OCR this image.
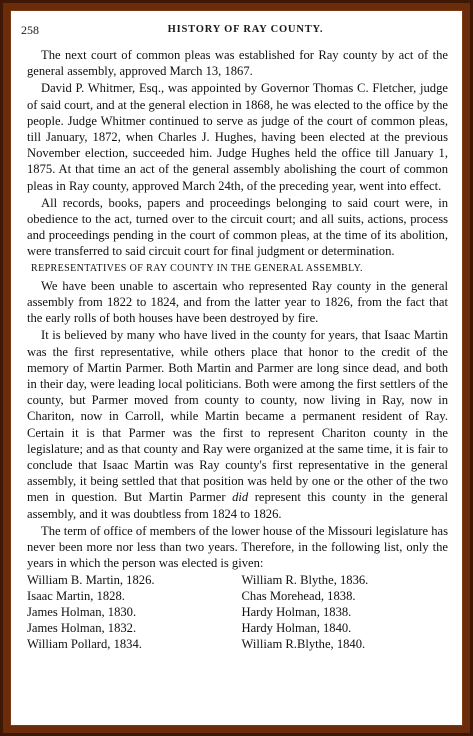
258	HISTORY OF RAY COUNTY.

The next court of common pleas was established for Ray county by act of the general assembly, approved March 13, 1867.

David P. Whitmer, Esq., was appointed by Governor Thomas C. Fletcher, judge of said court, and at the general election in 1868, he was elected to the office by the people. Judge Whitmer continued to serve as judge of the court of common pleas, till January, 1872, when Charles J. Hughes, having been elected at the previous November election, succeeded him. Judge Hughes held the office till January 1, 1875. At that time an act of the general assembly abolishing the court of common pleas in Ray county, approved March 24th, of the preceding year, went into effect.

All records, books, papers and proceedings belonging to said court were, in obedience to the act, turned over to the circuit court; and all suits, actions, process and proceedings pending in the court of common pleas, at the time of its abolition, were transferred to said circuit court for final judgment or determination.

REPRESENTATIVES OF RAY COUNTY IN THE GENERAL ASSEMBLY.

We have been unable to ascertain who represented Ray county in the general assembly from 1822 to 1824, and from the latter year to 1826, from the fact that the early rolls of both houses have been destroyed by fire.

It is believed by many who have lived in the county for years, that Isaac Martin was the first representative, while others place that honor to the credit of the memory of Martin Parmer. Both Martin and Parmer are long since dead, and both in their day, were leading local politicians. Both were among the first settlers of the county, but Parmer moved from county to county, now living in Ray, now in Chariton, now in Carroll, while Martin became a permanent resident of Ray. Certain it is that Parmer was the first to represent Chariton county in the legislature; and as that county and Ray were organized at the same time, it is fair to conclude that Isaac Martin was Ray county's first representative in the general assembly, it being settled that that position was held by one or the other of the two men in question. But Martin Parmer did represent this county in the general assembly, and it was doubtless from 1824 to 1826.

The term of office of members of the lower house of the Missouri legislature has never been more nor less than two years. Therefore, in the following list, only the years in which the person was elected is given:

William B. Martin, 1826.
Isaac Martin, 1828.
James Holman, 1830.
James Holman, 1832.
William Pollard, 1834.
William R. Blythe, 1836.
Chas Morehead, 1838.
Hardy Holman, 1838.
Hardy Holman, 1840.
William R.Blythe, 1840.
